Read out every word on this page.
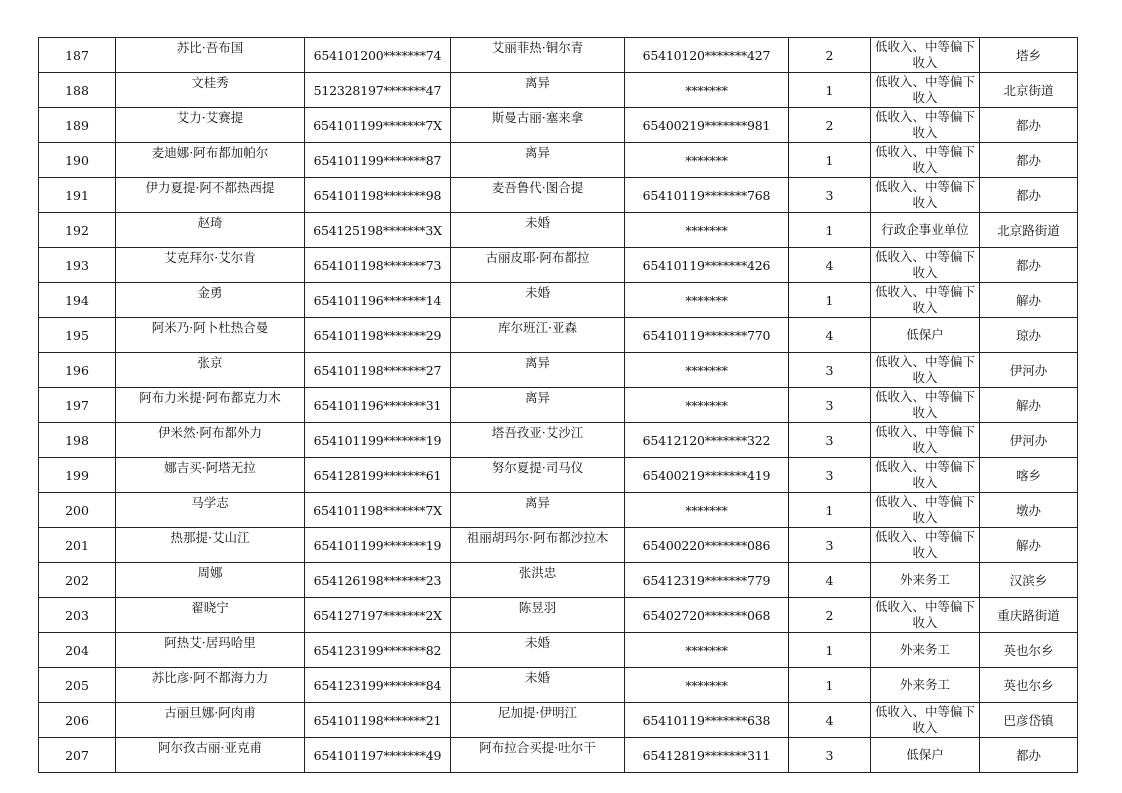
187	苏比·吾布国	654101200*******74	艾丽菲热·铜尔青	65410120*******427	2	低收入、中等偏下收入	塔乡
188	文桂秀	512328197*******47	离异	*******	1	低收入、中等偏下收入	北京街道
189	艾力·艾赛提	654101199*******7X	斯曼古丽·塞来拿	65400219*******981	2	低收入、中等偏下收入	都办
190	麦迪娜·阿布都加帕尔	654101199*******87	离异	*******	1	低收入、中等偏下收入	都办
191	伊力夏提·阿不都热西提	654101198*******98	麦吾鲁代·图合提	65410119*******768	3	低收入、中等偏下收入	都办
192	赵琦	654125198*******3X	未婚	*******	1	行政企事业单位	北京路街道
193	艾克拜尔·艾尔肯	654101198*******73	古丽皮耶·阿布都拉	65410119*******426	4	低收入、中等偏下收入	都办
194	金勇	654101196*******14	未婚	*******	1	低收入、中等偏下收入	解办
195	阿米乃·阿卜杜热合曼	654101198*******29	库尔班江·亚森	65410119*******770	4	低保户	琼办
196	张京	654101198*******27	离异	*******	3	低收入、中等偏下收入	伊河办
197	阿布力米提·阿布都克力木	654101196*******31	离异	*******	3	低收入、中等偏下收入	解办
198	伊米然·阿布都外力	654101199*******19	塔吾孜亚·艾沙江	65412120*******322	3	低收入、中等偏下收入	伊河办
199	娜吉买·阿塔无拉	654128199*******61	努尔夏提·司马仪	65400219*******419	3	低收入、中等偏下收入	喀乡
200	马学志	654101198*******7X	离异	*******	1	低收入、中等偏下收入	墩办
201	热那提·艾山江	654101199*******19	祖丽胡玛尔·阿布都沙拉木	65400220*******086	3	低收入、中等偏下收入	解办
202	周娜	654126198*******23	张洪忠	65412319*******779	4	外来务工	汉滨乡
203	翟晓宁	654127197*******2X	陈昱羽	65402720*******068	2	低收入、中等偏下收入	重庆路街道
204	阿热艾·居玛哈里	654123199*******82	未婚	*******	1	外来务工	英也尔乡
205	苏比彦·阿不都海力力	654123199*******84	未婚	*******	1	外来务工	英也尔乡
206	古丽旦娜·阿肉甫	654101198*******21	尼加提·伊明江	65410119*******638	4	低收入、中等偏下收入	巴彦岱镇
207	阿尔孜古丽·亚克甫	654101197*******49	阿布拉合买提·吐尔干	65412819*******311	3	低保户	都办
